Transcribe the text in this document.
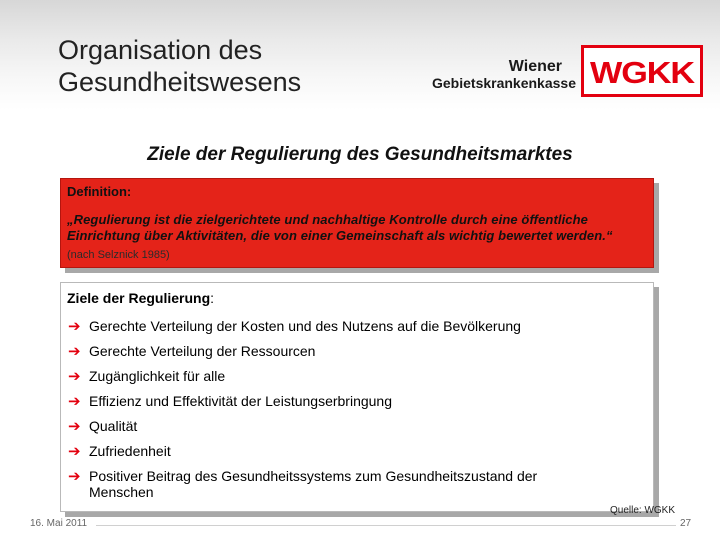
Organisation des
Gesundheitswesens
Wiener
Gebietskrankenkasse WGKK
Ziele der Regulierung des Gesundheitsmarktes
Definition:
„Regulierung ist die zielgerichtete und nachhaltige Kontrolle durch eine öffentliche Einrichtung über Aktivitäten, die von einer Gemeinschaft als wichtig bewertet werden.“
(nach Selznick 1985)
Ziele der Regulierung:
➔ Gerechte Verteilung der Kosten und des Nutzens auf die Bevölkerung
➔ Gerechte Verteilung der Ressourcen
➔ Zugänglichkeit für alle
➔ Effizienz und Effektivität der Leistungserbringung
➔ Qualität
➔ Zufriedenheit
➔ Positiver Beitrag des Gesundheitssystems zum Gesundheitszustand der Menschen
Quelle: WGKK
16. Mai 2011	27
